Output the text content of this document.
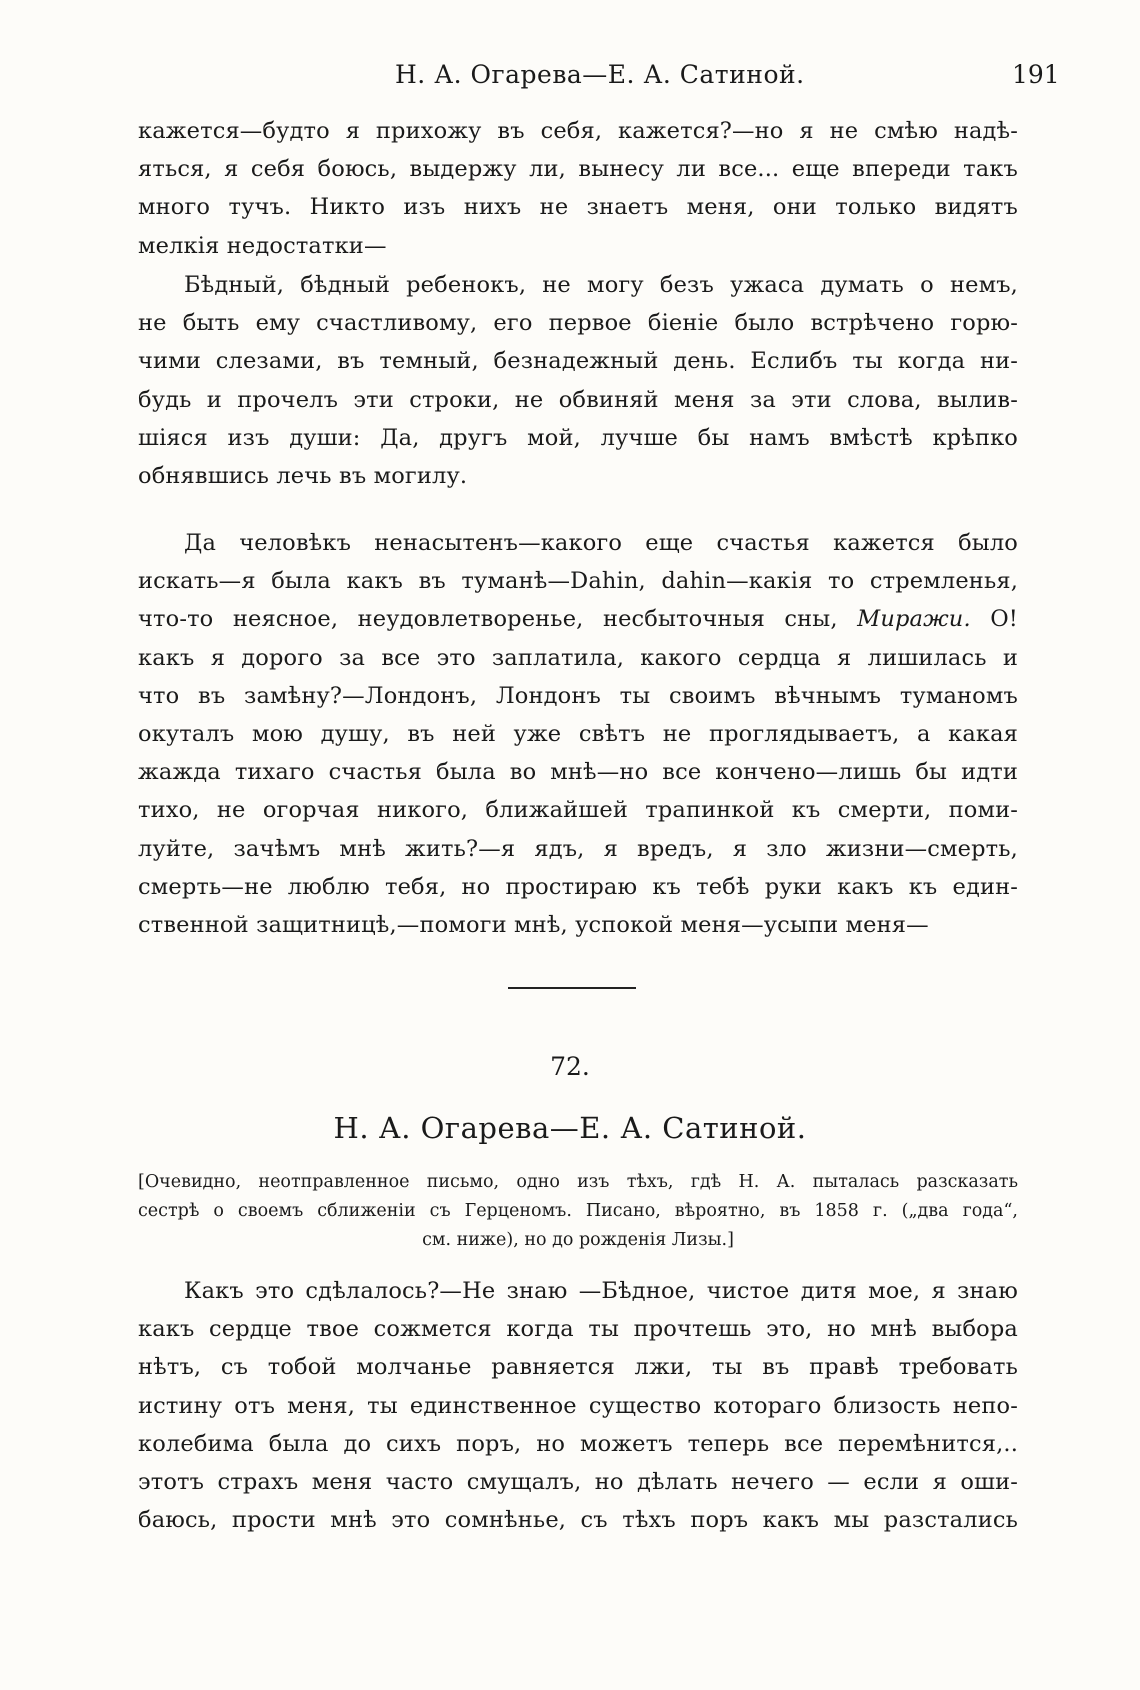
Н. А. Огарева—Е. А. Сатиной.	191
кажется—будто я прихожу въ себя, кажется?—но я не смѣю надѣ-
яться, я себя боюсь, выдержу ли, вынесу ли все... еще впереди такъ
много тучъ. Никто изъ нихъ не знаетъ меня, они только видятъ
мелкія недостатки—
Бѣдный, бѣдный ребенокъ, не могу безъ ужаса думать о немъ,
не быть ему счастливому, его первое біеніе было встрѣчено горю-
чими слезами, въ темный, безнадежный день. Еслибъ ты когда ни-
будь и прочелъ эти строки, не обвиняй меня за эти слова, вылив-
шіяся изъ души: Да, другъ мой, лучше бы намъ вмѣстѣ крѣпко
обнявшись лечь въ могилу.
Да человѣкъ ненасытенъ—какого еще счастья кажется было
искать—я была какъ въ туманѣ—Dahin, dahin—какія то стремленья,
что-то неясное, неудовлетворенье, несбыточныя сны, Миражи. О!
какъ я дорого за все это заплатила, какого сердца я лишилась и
что въ замѣну?—Лондонъ, Лондонъ ты своимъ вѣчнымъ туманомъ
окуталъ мою душу, въ ней уже свѣтъ не проглядываетъ, а какая
жажда тихаго счастья была во мнѣ—но все кончено—лишь бы идти
тихо, не огорчая никого, ближайшей трапинкой къ смерти, поми-
луйте, зачѣмъ мнѣ жить?—я ядъ, я вредъ, я зло жизни—смерть,
смерть—не люблю тебя, но простираю къ тебѣ руки какъ къ един-
ственной защитницѣ,—помоги мнѣ, успокой меня—усыпи меня—
72.
Н. А. Огарева—Е. А. Сатиной.
[Очевидно, неотправленное письмо, одно изъ тѣхъ, гдѣ Н. А. пыталась разсказать
сестрѣ о своемъ сближеніи съ Герценомъ. Писано, вѣроятно, въ 1858 г. („два года“,
см. ниже), но до рожденія Лизы.]
Какъ это сдѣлалось?—Не знаю —Бѣдное, чистое дитя мое, я знаю
какъ сердце твое сожмется когда ты прочтешь это, но мнѣ выбора
нѣтъ, съ тобой молчанье равняется лжи, ты въ правѣ требовать
истину отъ меня, ты единственное существо котораго близость непо-
колебима была до сихъ поръ, но можетъ теперь все перемѣнится,..
этотъ страхъ меня часто смущалъ, но дѣлать нечего — если я оши-
баюсь, прости мнѣ это сомнѣнье, съ тѣхъ поръ какъ мы разстались
